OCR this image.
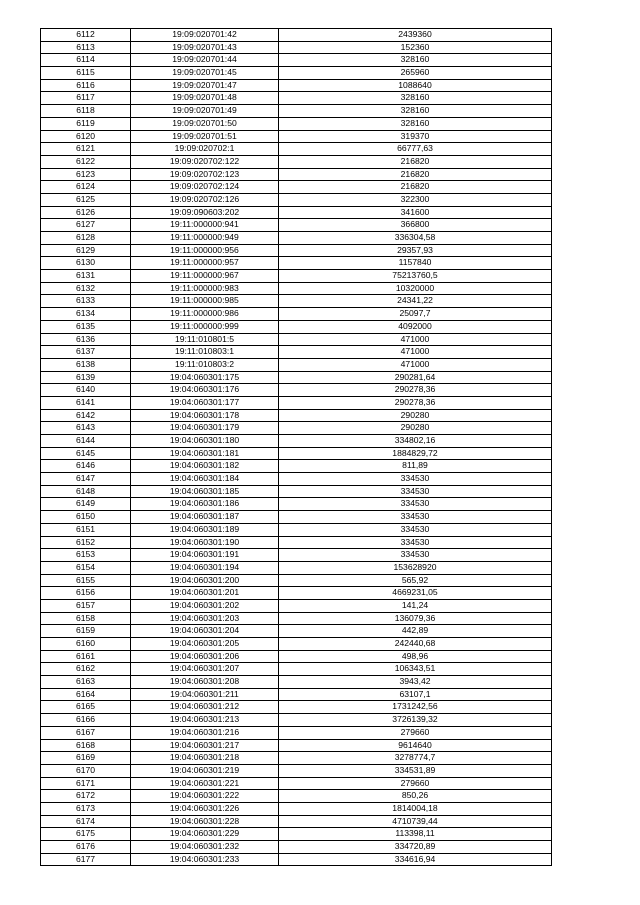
6112	19:09:020701:42	2439360
6113	19:09:020701:43	152360
6114	19:09:020701:44	328160
6115	19:09:020701:45	265960
6116	19:09:020701:47	1088640
6117	19:09:020701:48	328160
6118	19:09:020701:49	328160
6119	19:09:020701:50	328160
6120	19:09:020701:51	319370
6121	19:09:020702:1	66777,63
6122	19:09:020702:122	216820
6123	19:09:020702:123	216820
6124	19:09:020702:124	216820
6125	19:09:020702:126	322300
6126	19:09:090603:202	341600
6127	19:11:000000:941	366800
6128	19:11:000000:949	336304,58
6129	19:11:000000:956	29357,93
6130	19:11:000000:957	1157840
6131	19:11:000000:967	75213760,5
6132	19:11:000000:983	10320000
6133	19:11:000000:985	24341,22
6134	19:11:000000:986	25097,7
6135	19:11:000000:999	4092000
6136	19:11:010801:5	471000
6137	19:11:010803:1	471000
6138	19:11:010803:2	471000
6139	19:04:060301:175	290281,64
6140	19:04:060301:176	290278,36
6141	19:04:060301:177	290278,36
6142	19:04:060301:178	290280
6143	19:04:060301:179	290280
6144	19:04:060301:180	334802,16
6145	19:04:060301:181	1884829,72
6146	19:04:060301:182	811,89
6147	19:04:060301:184	334530
6148	19:04:060301:185	334530
6149	19:04:060301:186	334530
6150	19:04:060301:187	334530
6151	19:04:060301:189	334530
6152	19:04:060301:190	334530
6153	19:04:060301:191	334530
6154	19:04:060301:194	153628920
6155	19:04:060301:200	565,92
6156	19:04:060301:201	4669231,05
6157	19:04:060301:202	141,24
6158	19:04:060301:203	136079,36
6159	19:04:060301:204	442,89
6160	19:04:060301:205	242440,68
6161	19:04:060301:206	498,96
6162	19:04:060301:207	106343,51
6163	19:04:060301:208	3943,42
6164	19:04:060301:211	63107,1
6165	19:04:060301:212	1731242,56
6166	19:04:060301:213	3726139,32
6167	19:04:060301:216	279660
6168	19:04:060301:217	9614640
6169	19:04:060301:218	3278774,7
6170	19:04:060301:219	334531,89
6171	19:04:060301:221	279660
6172	19:04:060301:222	850,26
6173	19:04:060301:226	1814004,18
6174	19:04:060301:228	4710739,44
6175	19:04:060301:229	113398,11
6176	19:04:060301:232	334720,89
6177	19:04:060301:233	334616,94
